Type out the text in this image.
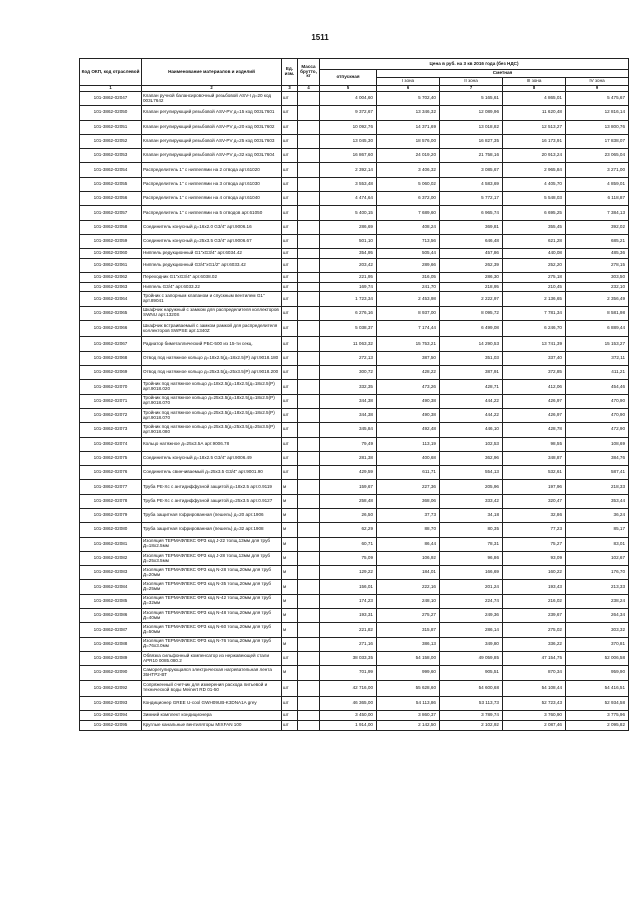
1511
Код ОКП, код отраслевой	Наименование материалов и изделий	Ед. изм.	Масса брутто, кг	Цена в руб. на 3 кв 2016 года (без НДС)				
				отпускная	Сметная			
					I зона	II зона	III зона	IV зона
1	2	3	4	5	6	7	8	9
101-3862-02047	Клапан ручной балансировочный резьбовой ASV-I д=20 код 003L7642	шт		4 004,60	5 702,40	5 165,61	4 865,01	5 475,67
101-3862-02050	Клапан регулирующий резьбовой ASV-PV д=15 код 003L7601	шт		9 372,67	13 346,32	12 089,96	11 620,48	12 816,14
101-3862-02051	Клапан регулирующий резьбовой ASV-PV д=20 код 003L7602	шт		10 092,76	14 371,69	13 018,82	12 513,27	13 800,76
101-3862-02052	Клапан регулирующий резьбовой ASV-PV д=25 код 003L7603	шт		13 045,30	18 576,00	16 827,35	16 173,91	17 838,07
101-3862-02053	Клапан регулирующий резьбовой ASV-PV д=32 код 003L7604	шт		16 867,60	24 019,20	21 758,16	20 913,24	23 065,04
101-3862-02054	Распределитель 1" с ниппелями на 2 отвода арт.61020	шт		2 392,14	3 406,32	3 085,67	2 965,84	3 271,00
101-3862-02055	Распределитель 1" с ниппелями на 3 отвода арт.61030	шт		3 553,48	5 060,02	4 583,69	4 405,70	4 859,01
101-3862-02056	Распределитель 1" с ниппелями на 4 отвода арт.61040	шт		4 474,64	6 372,00	5 772,17	5 548,03	6 118,87
101-3862-02057	Распределитель 1" с ниппелями на 5 отводов арт.61050	шт		5 400,15	7 689,60	6 965,74	6 695,25	7 384,13
101-3862-02058	Соединитель конусный д=16х2.0 G3/4" арт.9006.16	шт		286,69	408,24	369,81	355,45	392,02
101-3862-02059	Соединитель конусный д=25х3.5 G3/4" арт.9006.67	шт		501,10	713,56	646,48	621,28	685,21
101-3862-02060	Ниппель редукционный G1"хG3/4" арт.6034.42	шт		354,95	505,44	457,86	440,08	485,36
101-3862-02061	Ниппель редукционный G3/4"хG1/2" арт.6033.42	шт		203,42	289,66	262,39	252,20	278,15
101-3862-02062	Переходник G1"хG3/4" арт.6038.02	шт		221,95	316,05	286,30	275,18	303,50
101-3862-02063	Ниппель G3/4" арт.6033.22	шт		169,74	241,70	218,95	210,45	232,10
101-3862-02064	Тройник с запорным клапаном и спускным вентилем G1" арт.89041	шт		1 723,34	2 453,98	2 222,97	2 136,65	2 356,49
101-3862-02065	Шкафчик наружный с замком для распределителя коллекторов SWNU арт.1320S	шт		6 276,16	8 937,00	8 095,72	7 781,34	8 581,98
101-3862-02066	Шкафчик встраиваемый с замком рамкой для распределителя коллекторов SWPSE арт.1340Z	шт		5 038,37	7 174,44	6 499,08	6 246,70	6 889,44
101-3862-02067	Радиатор биметаллический РБС-500 из 15-ти секц.	шт		11 063,32	15 753,21	14 290,53	13 741,39	15 153,27
101-3862-02068	Отвод под натяжное кольцо д=18х2.5(д=18х2.5(Р) арт.9018.180	шт		272,13	387,50	351,03	337,40	372,11
101-3862-02069	Отвод под натяжное кольцо д=25х3.5(д=25х3.5(Р) арт.9018.200	шт		300,72	428,22	387,91	372,85	411,21
101-3862-02070	Тройник под натяжное кольцо д=18х2.5(д=18х2.5(д=18х2.5(Р) арт.9018.020	шт		332,35	473,26	428,71	412,06	454,46
101-3862-02071	Тройник под натяжное кольцо д=25х3.5(д=18х2.5(д=18х2.5(Р) арт.9018.070	шт		344,38	490,38	444,22	426,97	470,90
101-3862-02072	Тройник под натяжное кольцо д=25х3.5(д=18х2.5(д=18х2.5(Р) арт.9018.070	шт		344,38	490,38	444,22	426,97	470,90
101-3862-02073	Тройник под натяжное кольцо д=25х3.5(д=25х3.5(д=25х3.5(Р) арт.9018.080	шт		345,84	492,48	446,10	428,78	472,90
101-3862-02074	Кольцо натяжное д=25х3.5А арт.9006.78	шт		79,49	113,19	102,53	98,55	108,69
101-3862-02075	Соединитель конусный д=18х2.5 G3/4" арт.9006.49	шт		281,38	400,68	362,96	348,87	384,76
101-3862-02076	Соединитель свинчиваемый д=25х3.5 G3/4" арт.9001.90	шт		429,59	611,71	554,13	532,61	587,41
101-3862-02077	Труба PE-Xc с антидиффузной защитой д=18х2.5 арт.0.9119	м		159,67	227,36	205,96	197,96	218,33
101-3862-02078	Труба PE-Xc с антидиффузной защитой д=25х3.5 арт.0.9127	м		258,48	368,06	333,42	320,47	353,44
101-3862-02079	Труба защитная гофрированная (пешель) д=20 арт.1906	м		26,50	37,73	34,18	32,86	36,24
101-3862-02080	Труба защитная гофрированная (пешель) д=32 арт.1908	м		62,29	88,70	80,35	77,23	85,17
101-3862-02081	Изоляция ТЕРМАФЛЕКС ФРЗ код J-22 толщ.13мм для труб Д=18х2.5мм	м		60,71	86,44	78,31	75,27	83,01
101-3862-02082	Изоляция ТЕРМАФЛЕКС ФРЗ код J-28 толщ.13мм для труб Д=25х3.5мм	м		75,09	106,92	96,86	93,09	102,67
101-3862-02083	Изоляция ТЕРМАФЛЕКС ФРЗ код N-28 толщ.20мм для труб Д=20мм	м		129,22	184,01	166,69	160,22	176,70
101-3862-02084	Изоляция ТЕРМАФЛЕКС ФРЗ код N-35 толщ.20мм для труб Д=25мм	м		156,01	222,16	201,24	193,43	213,33
101-3862-02085	Изоляция ТЕРМАФЛЕКС ФРЗ код N-42 толщ.20мм для труб Д=32мм	м		174,23	248,10	224,74	216,02	238,24
101-3862-02086	Изоляция ТЕРМАФЛЕКС ФРЗ код N-48 толщ.20мм для труб Д=40мм	м		193,31	275,27	249,36	239,67	264,34
101-3862-02087	Изоляция ТЕРМАФЛЕКС ФРЗ код N-60 толщ.20мм для труб Д=50мм	м		221,82	315,87	286,14	275,02	303,32
101-3862-02088	Изоляция ТЕРМАФЛЕКС ФРЗ код N-76 толщ.20мм для труб Д=76х3.0мм	м		271,16	386,13	349,80	336,22	370,81
101-3862-02089	Обвязка сильфонный компенсатор из нержавеющей стали APR10 0085.080.2	шт		38 033,35	54 158,00	49 059,85	47 154,75	52 006,58
101-3862-02090	Саморегулирующаяся электрическая нагревательная лента 35НТР2-ВТ	м		701,99	999,60	905,51	870,34	959,90
101-3862-02092	Сопряженный счетчик для измерения расхода питьевой и технической воды Meinert RD 01-50	шт		42 716,00	55 628,60	54 600,68	54 108,44	54 416,51
101-3862-02093	Кондиционер GREE U-cool GWH09UB-K3DNA1A grey	шт		46 365,00	54 113,86	53 113,73	52 723,43	52 934,58
101-3862-02094	Зимний комплект кондиционера	шт		3 450,00	3 860,37	3 789,74	3 760,90	3 775,96
101-3862-02095	Круглые канальные вентиляторы MIXFAN 100	шт		1 914,00	2 142,50	2 102,92	2 087,46	2 095,82
